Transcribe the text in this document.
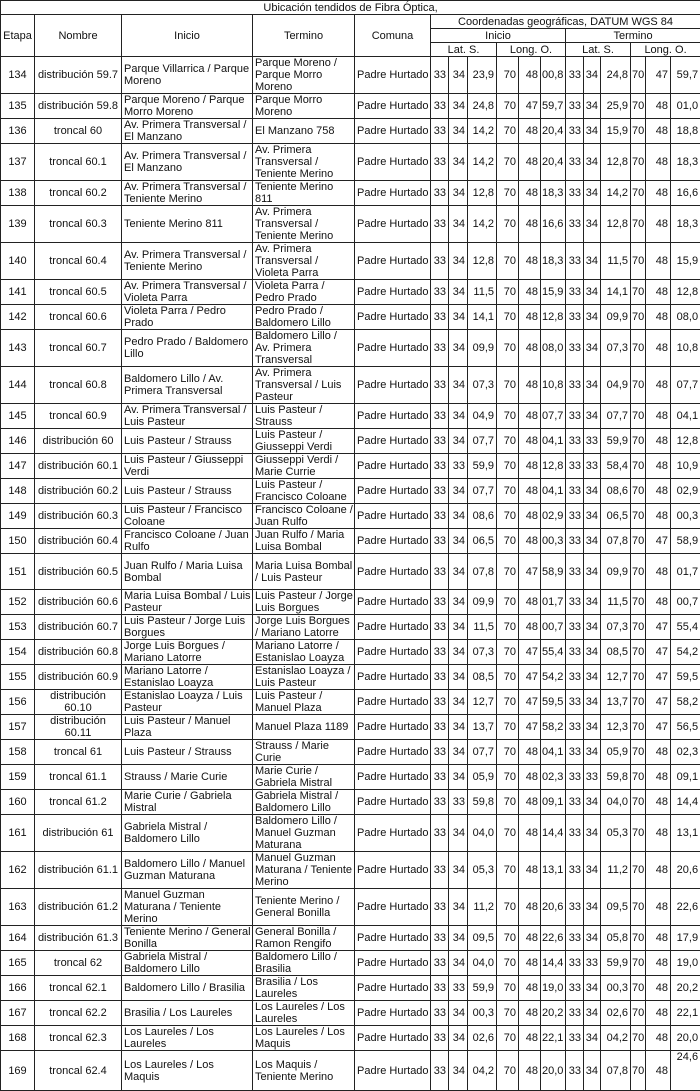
Ubicación tendidos de Fibra Óptica,																
Etapa	Nombre	Inicio	Termino	Comuna	Coordenadas geográficas, DATUM WGS 84											
					Inicio						Termino					
					Lat. S.			Long. O.			Lat. S.			Long. O.		
134	distribución 59.7	Parque Villarrica / Parque Moreno	Parque Moreno / Parque Morro Moreno	Padre Hurtado	33	34	23,9	70	48	00,8	33	34	24,8	70	47	59,7
135	distribución 59.8	Parque Moreno / Parque Morro Moreno	Parque Morro Moreno	Padre Hurtado	33	34	24,8	70	47	59,7	33	34	25,9	70	48	01,0
136	troncal 60	Av. Primera Transversal / El Manzano	El Manzano 758	Padre Hurtado	33	34	14,2	70	48	20,4	33	34	15,9	70	48	18,8
137	troncal 60.1	Av. Primera Transversal / El Manzano	Av. Primera Transversal / Teniente Merino	Padre Hurtado	33	34	14,2	70	48	20,4	33	34	12,8	70	48	18,3
138	troncal 60.2	Av. Primera Transversal / Teniente Merino	Teniente Merino 811	Padre Hurtado	33	34	12,8	70	48	18,3	33	34	14,2	70	48	16,6
139	troncal 60.3	Teniente Merino 811	Av. Primera Transversal / Teniente Merino	Padre Hurtado	33	34	14,2	70	48	16,6	33	34	12,8	70	48	18,3
140	troncal 60.4	Av. Primera Transversal / Teniente Merino	Av. Primera Transversal / Violeta Parra	Padre Hurtado	33	34	12,8	70	48	18,3	33	34	11,5	70	48	15,9
141	troncal 60.5	Av. Primera Transversal / Violeta Parra	Violeta Parra / Pedro Prado	Padre Hurtado	33	34	11,5	70	48	15,9	33	34	14,1	70	48	12,8
142	troncal 60.6	Violeta Parra / Pedro Prado	Pedro Prado / Baldomero Lillo	Padre Hurtado	33	34	14,1	70	48	12,8	33	34	09,9	70	48	08,0
143	troncal 60.7	Pedro Prado / Baldomero Lillo	Baldomero Lillo / Av. Primera Transversal	Padre Hurtado	33	34	09,9	70	48	08,0	33	34	07,3	70	48	10,8
144	troncal 60.8	Baldomero Lillo / Av. Primera Transversal	Av. Primera Transversal / Luis Pasteur	Padre Hurtado	33	34	07,3	70	48	10,8	33	34	04,9	70	48	07,7
145	troncal 60.9	Av. Primera Transversal / Luis Pasteur	Luis Pasteur / Strauss	Padre Hurtado	33	34	04,9	70	48	07,7	33	34	07,7	70	48	04,1
146	distribución 60	Luis Pasteur / Strauss	Luis Pasteur / Giusseppi Verdi	Padre Hurtado	33	34	07,7	70	48	04,1	33	33	59,9	70	48	12,8
147	distribución 60.1	Luis Pasteur / Giusseppi Verdi	Giusseppi Verdi / Marie Currie	Padre Hurtado	33	33	59,9	70	48	12,8	33	33	58,4	70	48	10,9
148	distribución 60.2	Luis Pasteur / Strauss	Luis Pasteur / Francisco Coloane	Padre Hurtado	33	34	07,7	70	48	04,1	33	34	08,6	70	48	02,9
149	distribución 60.3	Luis Pasteur / Francisco Coloane	Francisco Coloane / Juan Rulfo	Padre Hurtado	33	34	08,6	70	48	02,9	33	34	06,5	70	48	00,3
150	distribución 60.4	Francisco Coloane / Juan Rulfo	Juan Rulfo / Maria Luisa Bombal	Padre Hurtado	33	34	06,5	70	48	00,3	33	34	07,8	70	47	58,9
151	distribución 60.5	Juan Rulfo / Maria Luisa Bombal	Maria Luisa Bombal / Luis Pasteur	Padre Hurtado	33	34	07,8	70	47	58,9	33	34	09,9	70	48	01,7
152	distribución 60.6	Maria Luisa Bombal / Luis Pasteur	Luis Pasteur / Jorge Luis Borgues	Padre Hurtado	33	34	09,9	70	48	01,7	33	34	11,5	70	48	00,7
153	distribución 60.7	Luis Pasteur / Jorge Luis Borgues	Jorge Luis Borgues / Mariano Latorre	Padre Hurtado	33	34	11,5	70	48	00,7	33	34	07,3	70	47	55,4
154	distribución 60.8	Jorge Luis Borgues / Mariano Latorre	Mariano Latorre / Estanislao Loayza	Padre Hurtado	33	34	07,3	70	47	55,4	33	34	08,5	70	47	54,2
155	distribución 60.9	Mariano Latorre / Estanislao Loayza	Estanislao Loayza / Luis Pasteur	Padre Hurtado	33	34	08,5	70	47	54,2	33	34	12,7	70	47	59,5
156	distribución 60.10	Estanislao Loayza / Luis Pasteur	Luis Pasteur / Manuel Plaza	Padre Hurtado	33	34	12,7	70	47	59,5	33	34	13,7	70	47	58,2
157	distribución 60.11	Luis Pasteur / Manuel Plaza	Manuel Plaza 1189	Padre Hurtado	33	34	13,7	70	47	58,2	33	34	12,3	70	47	56,5
158	troncal 61	Luis Pasteur / Strauss	Strauss / Marie Curie	Padre Hurtado	33	34	07,7	70	48	04,1	33	34	05,9	70	48	02,3
159	troncal 61.1	Strauss / Marie Curie	Marie Curie / Gabriela Mistral	Padre Hurtado	33	34	05,9	70	48	02,3	33	33	59,8	70	48	09,1
160	troncal 61.2	Marie Curie / Gabriela Mistral	Gabriela Mistral / Baldomero Lillo	Padre Hurtado	33	33	59,8	70	48	09,1	33	34	04,0	70	48	14,4
161	distribución 61	Gabriela Mistral / Baldomero Lillo	Baldomero Lillo / Manuel Guzman Maturana	Padre Hurtado	33	34	04,0	70	48	14,4	33	34	05,3	70	48	13,1
162	distribución 61.1	Baldomero Lillo / Manuel Guzman Maturana	Manuel Guzman Maturana / Teniente Merino	Padre Hurtado	33	34	05,3	70	48	13,1	33	34	11,2	70	48	20,6
163	distribución 61.2	Manuel Guzman Maturana / Teniente Merino	Teniente Merino / General Bonilla	Padre Hurtado	33	34	11,2	70	48	20,6	33	34	09,5	70	48	22,6
164	distribución 61.3	Teniente Merino / General Bonilla	General Bonilla / Ramon Rengifo	Padre Hurtado	33	34	09,5	70	48	22,6	33	34	05,8	70	48	17,9
165	troncal 62	Gabriela Mistral / Baldomero Lillo	Baldomero Lillo / Brasilia	Padre Hurtado	33	34	04,0	70	48	14,4	33	33	59,9	70	48	19,0
166	troncal 62.1	Baldomero Lillo / Brasilia	Brasilia / Los Laureles	Padre Hurtado	33	33	59,9	70	48	19,0	33	34	00,3	70	48	20,2
167	troncal 62.2	Brasilia / Los Laureles	Los Laureles / Los Laureles	Padre Hurtado	33	34	00,3	70	48	20,2	33	34	02,6	70	48	22,1
168	troncal 62.3	Los Laureles / Los Laureles	Los Laureles / Los Maquis	Padre Hurtado	33	34	02,6	70	48	22,1	33	34	04,2	70	48	20,0
169	troncal 62.4	Los Laureles / Los Maquis	Los Maquis / Teniente Merino	Padre Hurtado	33	34	04,2	70	48	20,0	33	34	07,8	70	48	24,6
